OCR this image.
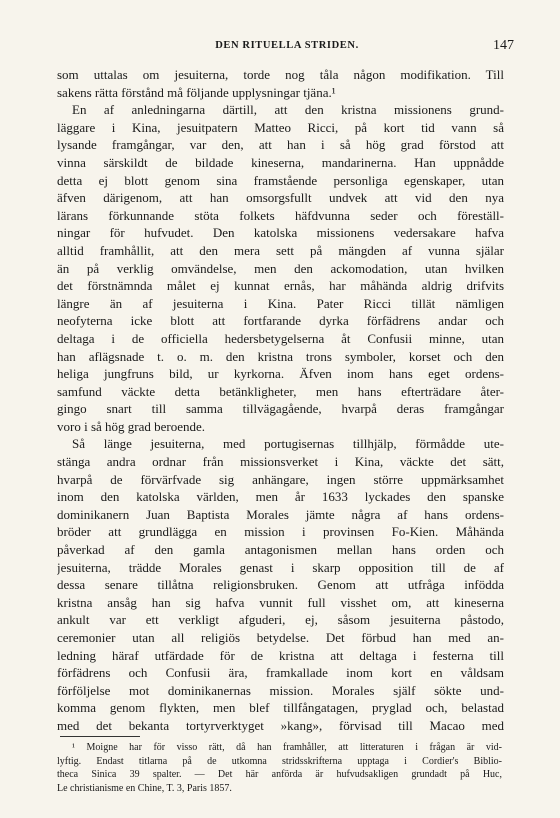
DEN RITUELLA STRIDEN.	147
som uttalas om jesuiterna, torde nog tåla någon modifikation. Till
sakens rätta förstånd må följande upplysningar tjäna.¹
En af anledningarna därtill, att den kristna missionens grund-
läggare i Kina, jesuitpatern Matteo Ricci, på kort tid vann så
lysande framgångar, var den, att han i så hög grad förstod att
vinna särskildt de bildade kineserna, mandarinerna. Han uppnådde
detta ej blott genom sina framstående personliga egenskaper, utan
äfven därigenom, att han omsorgsfullt undvek att vid den nya
lärans förkunnande stöta folkets häfdvunna seder och föreställ-
ningar för hufvudet. Den katolska missionens vedersakare hafva
alltid framhållit, att den mera sett på mängden af vunna själar
än på verklig omvändelse, men den ackomodation, utan hvilken
det förstnämnda målet ej kunnat ernås, har måhända aldrig drifvits
längre än af jesuiterna i Kina. Pater Ricci tillät nämligen
neofyterna icke blott att fortfarande dyrka förfädrens andar och
deltaga i de officiella hedersbetygelserna åt Confusii minne, utan
han aflägsnade t. o. m. den kristna trons symboler, korset och den
heliga jungfruns bild, ur kyrkorna. Äfven inom hans eget ordens-
samfund väckte detta betänkligheter, men hans efterträdare åter-
gingo snart till samma tillvägagående, hvarpå deras framgångar
voro i så hög grad beroende.
Så länge jesuiterna, med portugisernas tillhjälp, förmådde ute-
stänga andra ordnar från missionsverket i Kina, väckte det sätt,
hvarpå de förvärfvade sig anhängare, ingen större uppmärksamhet
inom den katolska världen, men år 1633 lyckades den spanske
dominikanern Juan Baptista Morales jämte några af hans ordens-
bröder att grundlägga en mission i provinsen Fo-Kien. Måhända
påverkad af den gamla antagonismen mellan hans orden och
jesuiterna, trädde Morales genast i skarp opposition till de af
dessa senare tillåtna religionsbruken. Genom att utfråga infödda
kristna ansåg han sig hafva vunnit full visshet om, att kineserna
ankult var ett verkligt afguderi, ej, såsom jesuiterna påstodo,
ceremonier utan all religiös betydelse. Det förbud han med an-
ledning häraf utfärdade för de kristna att deltaga i festerna till
förfädrens och Confusii ära, framkallade inom kort en våldsam
förföljelse mot dominikanernas mission. Morales själf sökte und-
komma genom flykten, men blef tillfångatagen, pryglad och, belastad
med det bekanta tortyrverktyget »kang», förvisad till Macao med
¹ Moigne har för visso rätt, då han framhåller, att litteraturen i frågan är vid-
lyftig. Endast titlarna på de utkomna stridsskrifterna upptaga i Cordier's Biblio-
theca Sinica 39 spalter. — Det här anförda är hufvudsakligen grundadt på Huc,
Le christianisme en Chine, T. 3, Paris 1857.
